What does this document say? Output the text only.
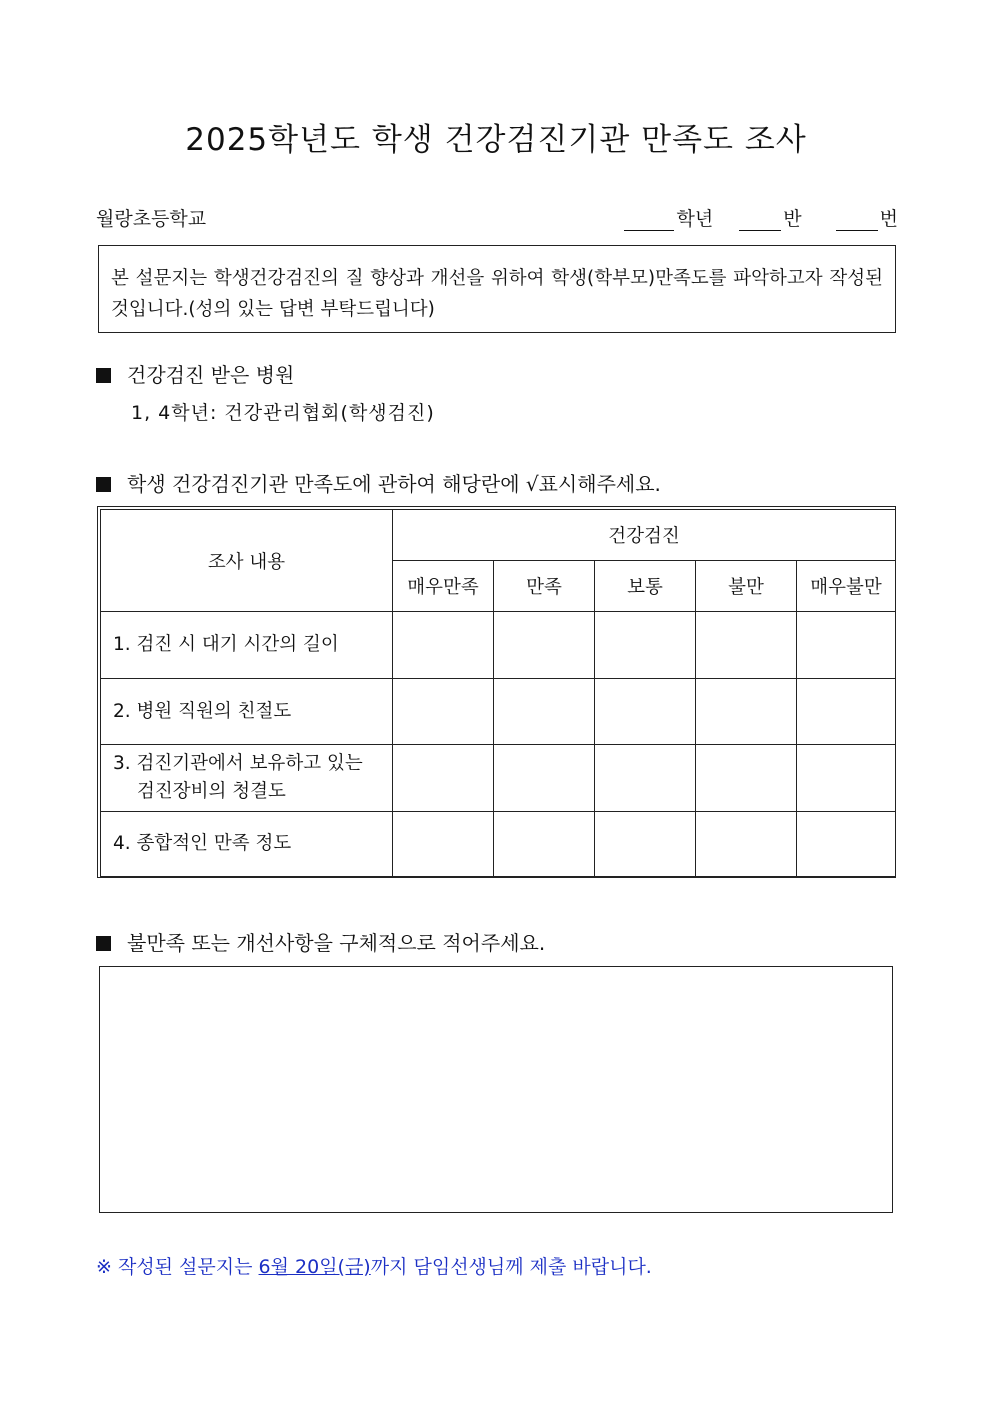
2025학년도 학생 건강검진기관 만족도 조사
월랑초등학교	학년	반	번
본 설문지는 학생건강검진의 질 향상과 개선을 위하여 학생(학부모)만족도를 파악하고자 작성된 것입니다.(성의 있는 답변 부탁드립니다)
건강검진 받은 병원
1, 4학년: 건강관리협회(학생검진)
학생 건강검진기관 만족도에 관하여 해당란에 √표시해주세요.
조사 내용	건강검진				
	매우만족	만족	보통	불만	매우불만

1. 검진 시 대기 시간의 길이					

2. 병원 직원의 친절도					

3. 검진기관에서 보유하고 있는
검진장비의 청결도					

4. 종합적인 만족 정도					

불만족 또는 개선사항을 구체적으로 적어주세요.
※ 작성된 설문지는 6월 20일(금)까지 담임선생님께 제출 바랍니다.
